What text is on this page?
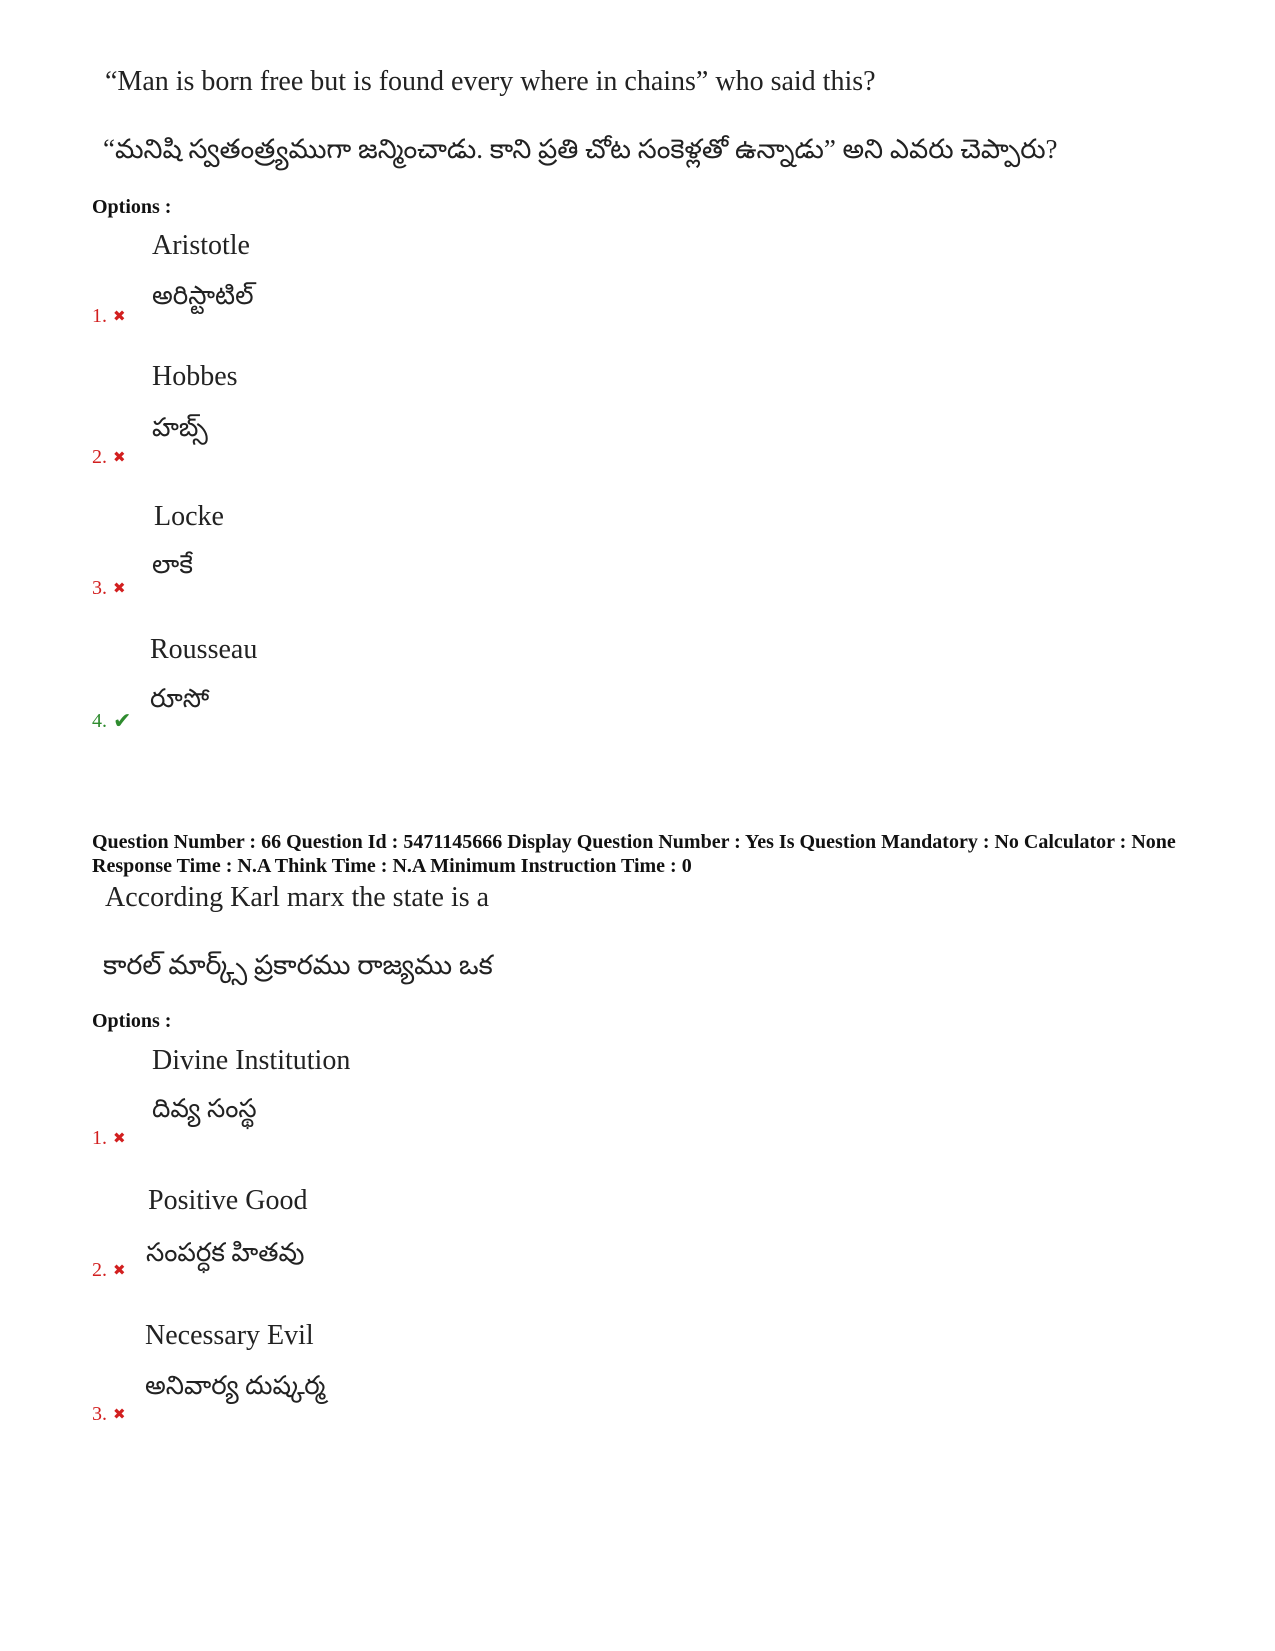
“Man is born free but is found every where in chains” who said this?
“మనిషి స్వతంత్ర్యముగా జన్మించాడు. కాని ప్రతి చోట సంకెళ్లతో ఉన్నాడు” అని ఎవరు చెప్పారు?
Options :
Aristotle
అరిస్టాటిల్
1. ✖
Hobbes
హబ్స్
2. ✖
Locke
లాకే
3. ✖
Rousseau
రూసో
4. ✔
Question Number : 66 Question Id : 5471145666 Display Question Number : Yes Is Question Mandatory : No Calculator : None Response Time : N.A Think Time : N.A Minimum Instruction Time : 0
According Karl marx the state is a
కారల్ మార్క్స్ ప్రకారము రాజ్యము ఒక
Options :
Divine Institution
దివ్య సంస్థ
1. ✖
Positive Good
సంపర్ధక హితవు
2. ✖
Necessary Evil
అనివార్య దుష్కర్మ
3. ✖
